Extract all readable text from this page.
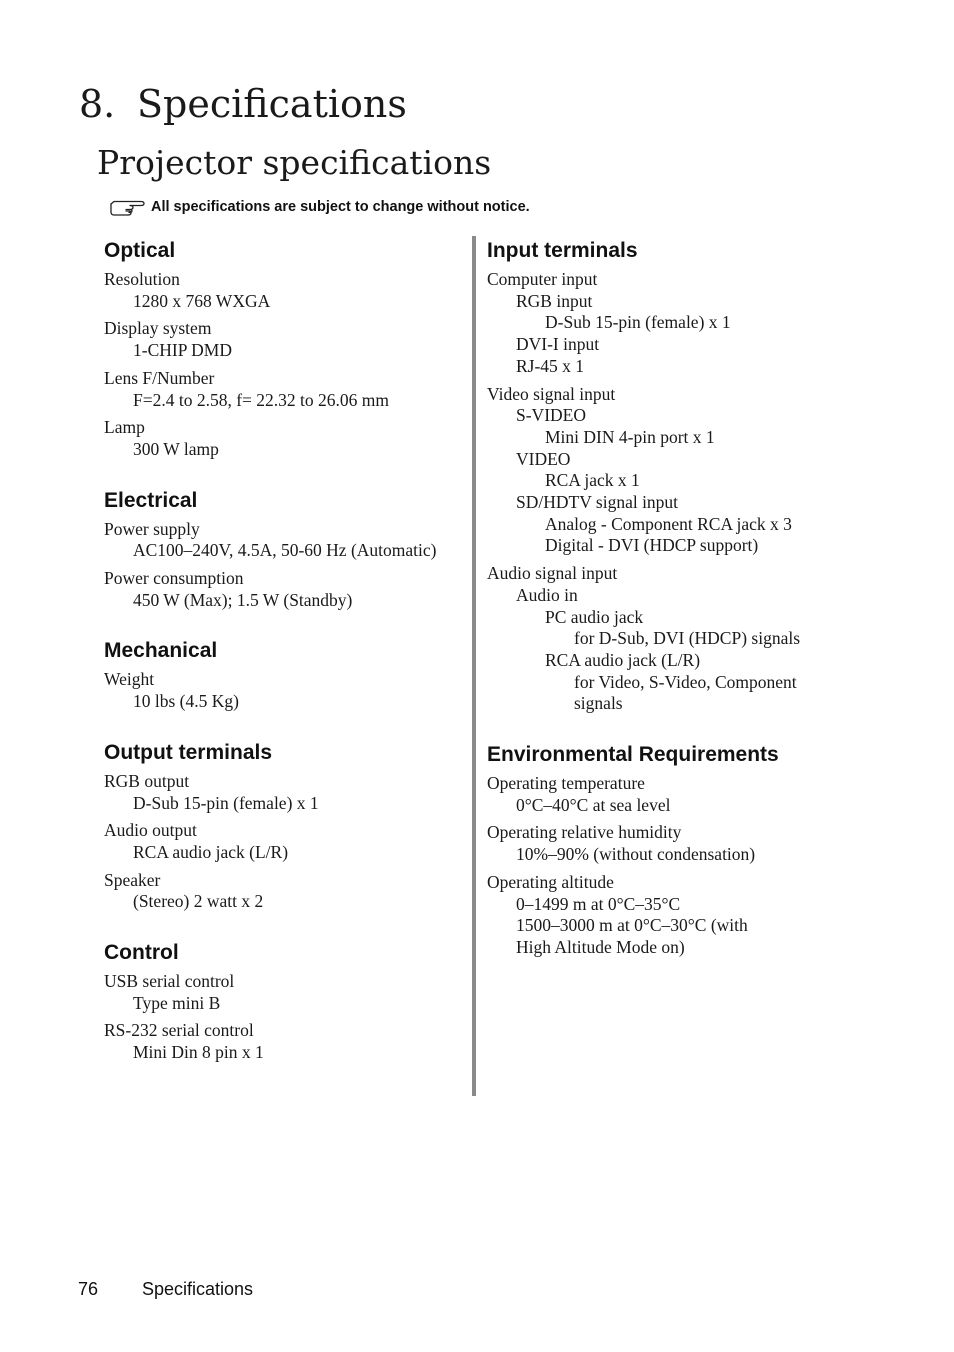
8. Specifications
Projector specifications
All specifications are subject to change without notice.
Optical
Resolution
1280 x 768 WXGA
Display system
1-CHIP DMD
Lens F/Number
F=2.4 to 2.58, f= 22.32 to 26.06 mm
Lamp
300 W lamp
Electrical
Power supply
AC100–240V, 4.5A, 50-60 Hz (Automatic)
Power consumption
450 W (Max); 1.5 W (Standby)
Mechanical
Weight
10 lbs (4.5 Kg)
Output terminals
RGB output
D-Sub 15-pin (female) x 1
Audio output
RCA audio jack (L/R)
Speaker
(Stereo) 2 watt x 2
Control
USB serial control
Type mini B
RS-232 serial control
Mini Din 8 pin x 1
Input terminals
Computer input
RGB input
D-Sub 15-pin (female) x 1
DVI-I input
RJ-45 x 1
Video signal input
S-VIDEO
Mini DIN 4-pin port x 1
VIDEO
RCA jack x 1
SD/HDTV signal input
Analog - Component RCA jack x 3
Digital - DVI (HDCP support)
Audio signal input
Audio in
PC audio jack
for D-Sub, DVI (HDCP) signals
RCA audio jack (L/R)
for Video, S-Video, Component
signals
Environmental Requirements
Operating temperature
0°C–40°C at sea level
Operating relative humidity
10%–90% (without condensation)
Operating altitude
0–1499 m at 0°C–35°C
1500–3000 m at 0°C–30°C (with
High Altitude Mode on)
76 Specifications
